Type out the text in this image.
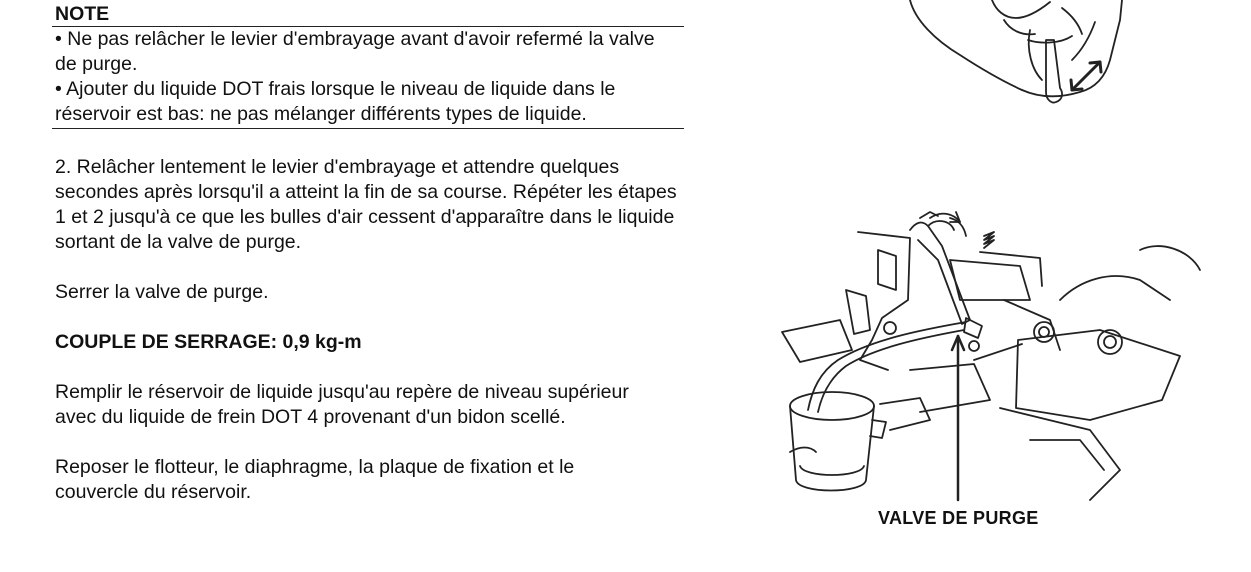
NOTE
• Ne pas relâcher le levier d'embrayage avant d'avoir refermé la valve de purge.
• Ajouter du liquide DOT frais lorsque le niveau de liquide dans le réservoir est bas: ne pas mélanger différents types de liquide.

2. Relâcher lentement le levier d'embrayage et attendre quelques secondes après lorsqu'il a atteint la fin de sa course. Répéter les étapes 1 et 2 jusqu'à ce que les bulles d'air cessent d'apparaître dans le liquide sortant de la valve de purge.

Serrer la valve de purge.

COUPLE DE SERRAGE: 0,9 kg-m

Remplir le réservoir de liquide jusqu'au repère de niveau supérieur avec du liquide de frein DOT 4 provenant d'un bidon scellé.

Reposer le flotteur, le diaphragme, la plaque de fixation et le couvercle du réservoir.

VALVE DE PURGE
